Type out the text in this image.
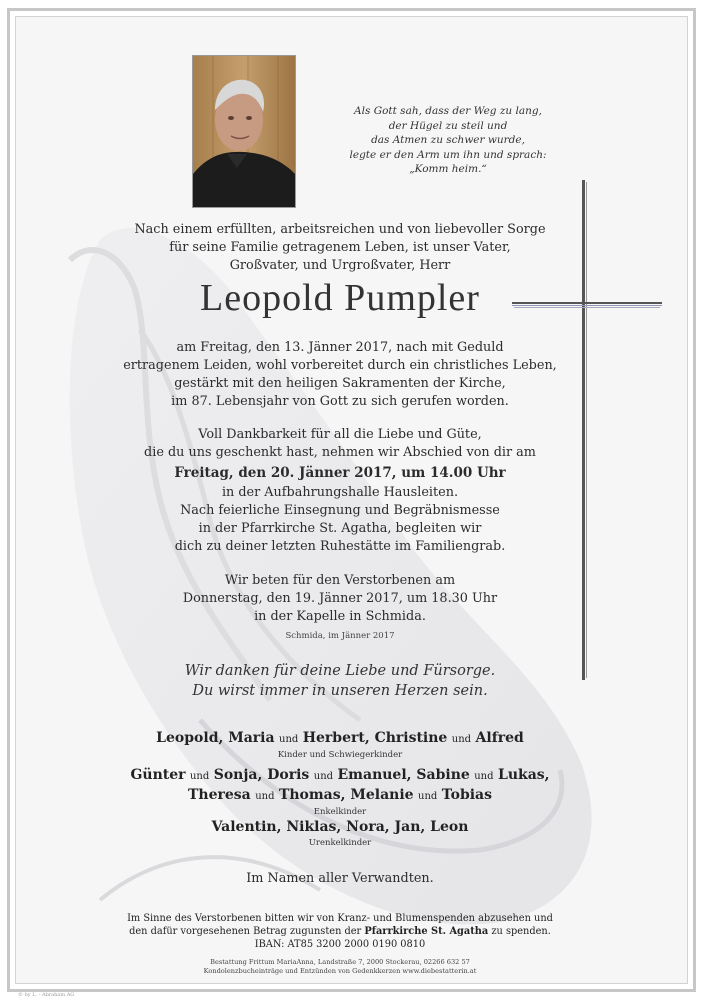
Als Gott sah, dass der Weg zu lang,
der Hügel zu steil und
das Atmen zu schwer wurde,
legte er den Arm um ihn und sprach:
„Komm heim.“
Nach einem erfüllten, arbeitsreichen und von liebevoller Sorge
für seine Familie getragenem Leben, ist unser Vater,
Großvater, und Urgroßvater, Herr
Leopold Pumpler
am Freitag, den 13. Jänner 2017, nach mit Geduld
ertragenem Leiden, wohl vorbereitet durch ein christliches Leben,
gestärkt mit den heiligen Sakramenten der Kirche,
im 87. Lebensjahr von Gott zu sich gerufen worden.
Voll Dankbarkeit für all die Liebe und Güte,
die du uns geschenkt hast, nehmen wir Abschied von dir am
Freitag, den 20. Jänner 2017, um 14.00 Uhr
in der Aufbahrungshalle Hausleiten.
Nach feierliche Einsegnung und Begräbnismesse
in der Pfarrkirche St. Agatha, begleiten wir
dich zu deiner letzten Ruhestätte im Familiengrab.
Wir beten für den Verstorbenen am
Donnerstag, den 19. Jänner 2017, um 18.30 Uhr
in der Kapelle in Schmida.
Schmida, im Jänner 2017
Wir danken für deine Liebe und Fürsorge.
Du wirst immer in unseren Herzen sein.
Leopold, Maria und Herbert, Christine und Alfred
Kinder und Schwiegerkinder
Günter und Sonja, Doris und Emanuel, Sabine und Lukas,
Theresa und Thomas, Melanie und Tobias
Enkelkinder
Valentin, Niklas, Nora, Jan, Leon
Urenkelkinder
Im Namen aller Verwandten.
Im Sinne des Verstorbenen bitten wir von Kranz- und Blumenspenden abzusehen und
den dafür vorgesehenen Betrag zugunsten der Pfarrkirche St. Agatha zu spenden.
IBAN: AT85 3200 2000 0190 0810
Bestattung Frittum MariaAnna, Landstraße 7, 2000 Stockerau, 02266 632 57
Kondolenzbucheinträge und Entzünden von Gedenkkerzen www.diebestatterin.at
© by L. - Abraham AG
